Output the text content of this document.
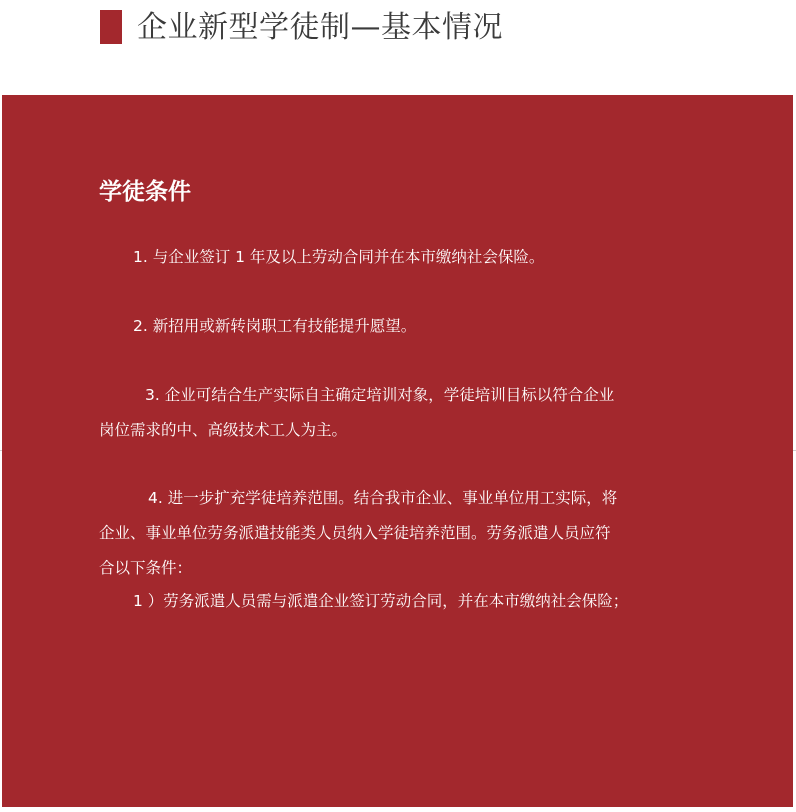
企业新型学徒制—基本情况
学徒条件
1. 与企业签订 1 年及以上劳动合同并在本市缴纳社会保险。
2. 新招用或新转岗职工有技能提升愿望。
3. 企业可结合生产实际自主确定培训对象，学徒培训目标以符合企业
岗位需求的中、高级技术工人为主。
4. 进一步扩充学徒培养范围。结合我市企业、事业单位用工实际，将
企业、事业单位劳务派遣技能类人员纳入学徒培养范围。劳务派遣人员应符
合以下条件：
1 ）劳务派遣人员需与派遣企业签订劳动合同，并在本市缴纳社会保险；
